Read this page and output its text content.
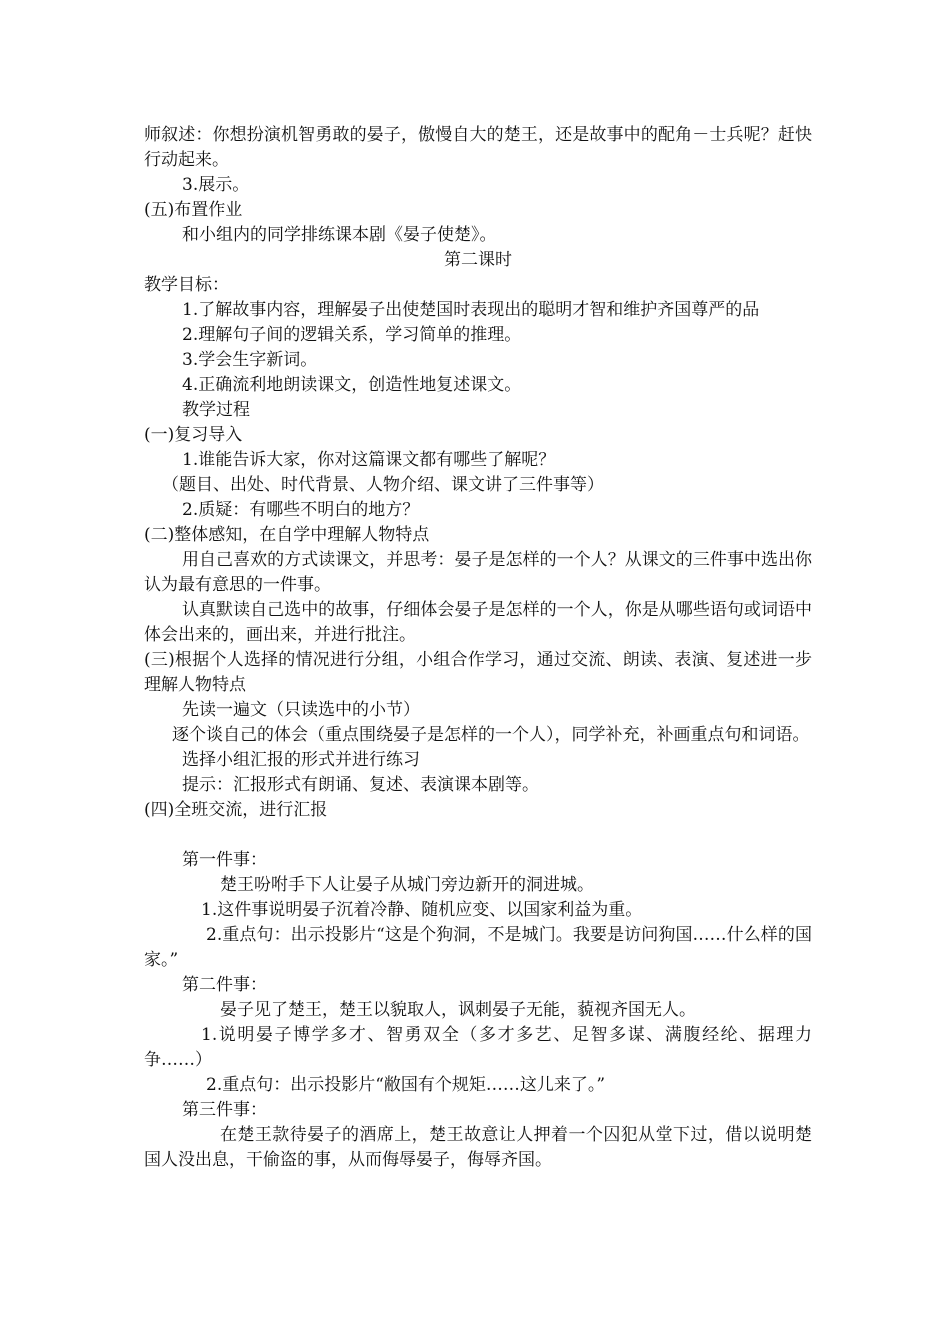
师叙述：你想扮演机智勇敢的晏子，傲慢自大的楚王，还是故事中的配角－士兵呢？赶快行动起来。
3.展示。
(五)布置作业
和小组内的同学排练课本剧《晏子使楚》。
第二课时
教学目标：
1.了解故事内容，理解晏子出使楚国时表现出的聪明才智和维护齐国尊严的品
2.理解句子间的逻辑关系，学习简单的推理。
3.学会生字新词。
4.正确流利地朗读课文，创造性地复述课文。
教学过程
(一)复习导入
1.谁能告诉大家，你对这篇课文都有哪些了解呢？
（题目、出处、时代背景、人物介绍、课文讲了三件事等）
2.质疑：有哪些不明白的地方？
(二)整体感知，在自学中理解人物特点
用自己喜欢的方式读课文，并思考：晏子是怎样的一个人？从课文的三件事中选出你认为最有意思的一件事。
认真默读自己选中的故事，仔细体会晏子是怎样的一个人，你是从哪些语句或词语中体会出来的，画出来，并进行批注。
(三)根据个人选择的情况进行分组，小组合作学习，通过交流、朗读、表演、复述进一步理解人物特点
先读一遍文（只读选中的小节）
逐个谈自己的体会（重点围绕晏子是怎样的一个人），同学补充，补画重点句和词语。
选择小组汇报的形式并进行练习
提示：汇报形式有朗诵、复述、表演课本剧等。
(四)全班交流，进行汇报
第一件事：
楚王吩咐手下人让晏子从城门旁边新开的洞进城。
1.这件事说明晏子沉着冷静、随机应变、以国家利益为重。
2.重点句：出示投影片“这是个狗洞，不是城门。我要是访问狗国……什么样的国家。”
第二件事：
晏子见了楚王，楚王以貌取人，讽刺晏子无能，藐视齐国无人。
1.说明晏子博学多才、智勇双全（多才多艺、足智多谋、满腹经纶、据理力争……）
2.重点句：出示投影片“敝国有个规矩……这儿来了。”
第三件事：
在楚王款待晏子的酒席上，楚王故意让人押着一个囚犯从堂下过，借以说明楚国人没出息，干偷盗的事，从而侮辱晏子，侮辱齐国。
